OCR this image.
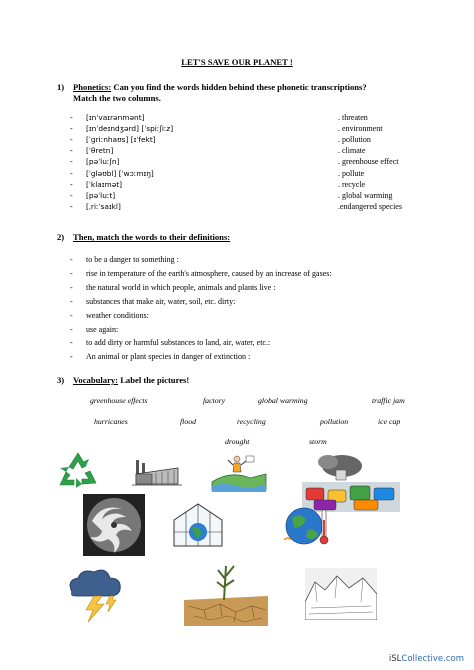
LET'S SAVE OUR PLANET !
1) Phonetics: Can you find the words hidden behind these phonetic transcriptions?
Match the two columns.
- [ɪnˈvaɪrənmənt]	. threaten
- [ɪnˈdeɪndʒərd] [ˈspiːʃiːz]	. environment
- [ˈɡriːnhaʊs] [ɪˈfekt]	. pollution
- [ˈθretn]	. climate
- [pəˈluːʃn]	. greenhouse effect
- [ˈɡləʊbl] [ˈwɔːmɪŋ]	. pollute
- [ˈklaɪmət]	. recycle
- [pəˈluːt]	. global warming
- [ˌriːˈsaɪkl]	.endangered species
2) Then, match the words to their definitions:
- to be a danger to something :
- rise in temperature of the earth's atmosphere, caused by an increase of gases:
- the natural world in which people, animals and plants live :
- substances that make air, water, soil, etc. dirty:
- weather conditions:
- use again:
- to add dirty or harmful substances to land, air, water, etc.:
- An animal or plant species in danger of extinction :
3) Vocabulary: Label the pictures!
greenhouse effects	factory	global warming	traffic jam
hurricanes	flood	recycling	pollution	ice cap
drought	storm
iSLCollective.com
